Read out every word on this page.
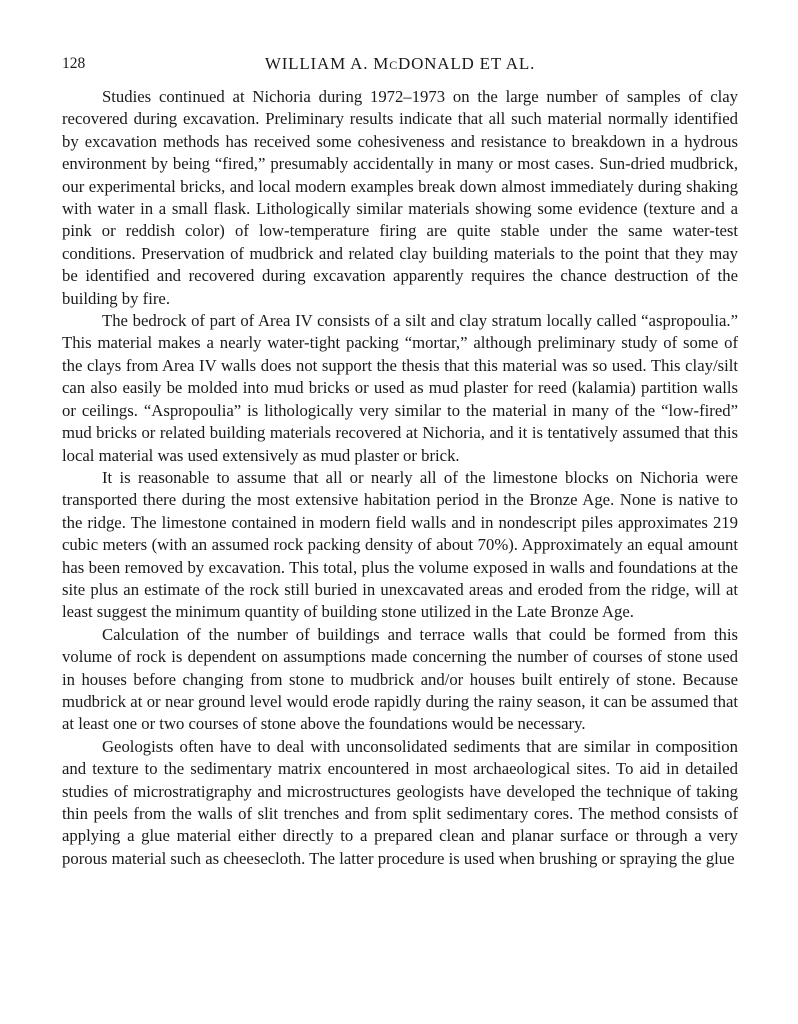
128	WILLIAM A. McDONALD ET AL.

Studies continued at Nichoria during 1972–1973 on the large number of samples of clay recovered during excavation. Preliminary results indicate that all such material normally identified by excavation methods has received some cohesiveness and resistance to breakdown in a hydrous environment by being “fired,” presumably accidentally in many or most cases. Sun-dried mudbrick, our experimental bricks, and local modern examples break down almost immediately during shaking with water in a small flask. Lithologically similar materials showing some evidence (texture and a pink or reddish color) of low-temperature firing are quite stable under the same water-test conditions. Preservation of mudbrick and related clay building materials to the point that they may be identified and recovered during excavation apparently requires the chance destruction of the building by fire.

The bedrock of part of Area IV consists of a silt and clay stratum locally called “aspropoulia.” This material makes a nearly water-tight packing “mortar,” although preliminary study of some of the clays from Area IV walls does not support the thesis that this material was so used. This clay/silt can also easily be molded into mud bricks or used as mud plaster for reed (kalamia) partition walls or ceilings. “Aspropoulia” is lithologically very similar to the material in many of the “low-fired” mud bricks or related building materials recovered at Nichoria, and it is tentatively assumed that this local material was used extensively as mud plaster or brick.

It is reasonable to assume that all or nearly all of the limestone blocks on Nichoria were transported there during the most extensive habitation period in the Bronze Age. None is native to the ridge. The limestone contained in modern field walls and in nondescript piles approximates 219 cubic meters (with an assumed rock packing density of about 70%). Approximately an equal amount has been removed by excavation. This total, plus the volume exposed in walls and foundations at the site plus an estimate of the rock still buried in unexcavated areas and eroded from the ridge, will at least suggest the minimum quantity of building stone utilized in the Late Bronze Age.

Calculation of the number of buildings and terrace walls that could be formed from this volume of rock is dependent on assumptions made concerning the number of courses of stone used in houses before changing from stone to mudbrick and/or houses built entirely of stone. Because mudbrick at or near ground level would erode rapidly during the rainy season, it can be assumed that at least one or two courses of stone above the foundations would be necessary.

Geologists often have to deal with unconsolidated sediments that are similar in composition and texture to the sedimentary matrix encountered in most archaeological sites. To aid in detailed studies of microstratigraphy and microstructures geologists have developed the technique of taking thin peels from the walls of slit trenches and from split sedimentary cores. The method consists of applying a glue material either directly to a prepared clean and planar surface or through a very porous material such as cheesecloth. The latter procedure is used when brushing or spraying the glue
